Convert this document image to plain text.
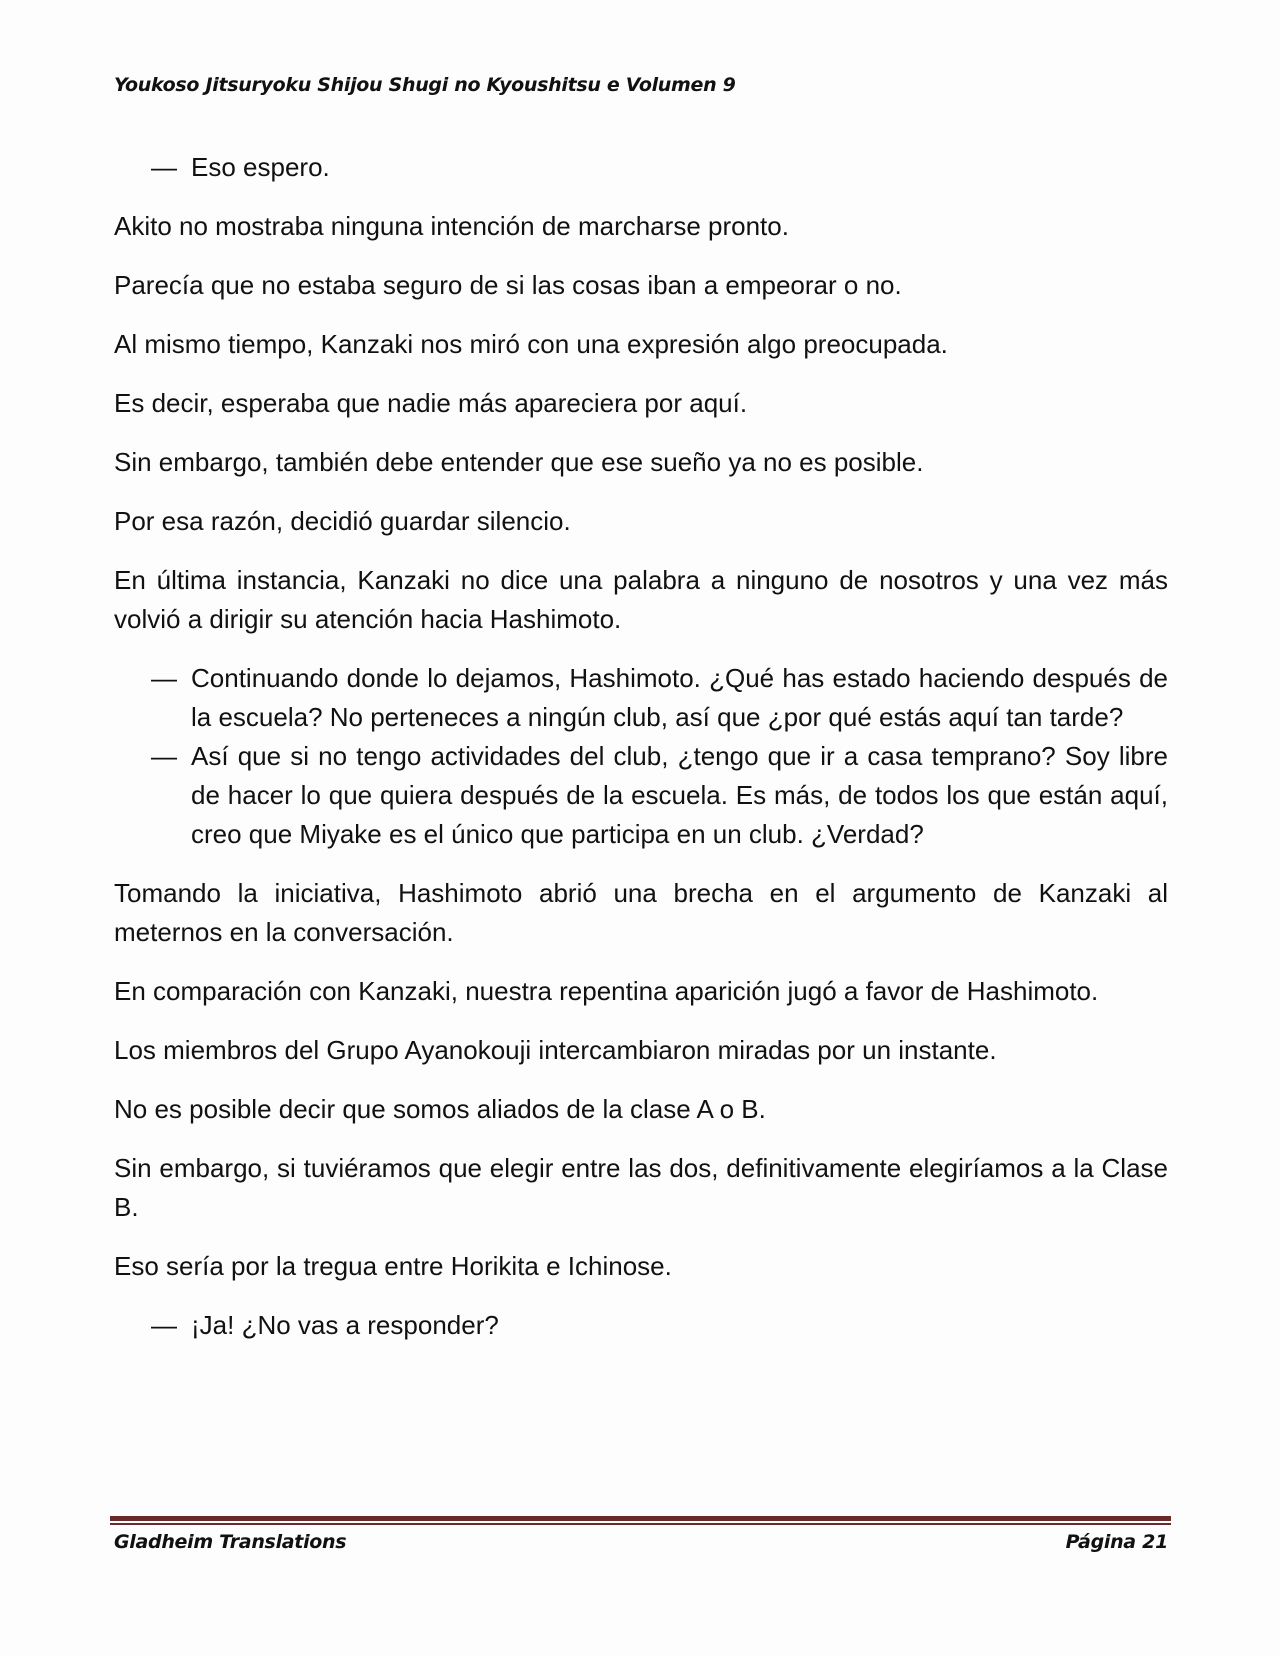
Youkoso Jitsuryoku Shijou Shugi no Kyoushitsu e Volumen 9
— Eso espero.

Akito no mostraba ninguna intención de marcharse pronto.

Parecía que no estaba seguro de si las cosas iban a empeorar o no.

Al mismo tiempo, Kanzaki nos miró con una expresión algo preocupada.

Es decir, esperaba que nadie más apareciera por aquí.

Sin embargo, también debe entender que ese sueño ya no es posible.

Por esa razón, decidió guardar silencio.

En última instancia, Kanzaki no dice una palabra a ninguno de nosotros y una vez más volvió a dirigir su atención hacia Hashimoto.

— Continuando donde lo dejamos, Hashimoto. ¿Qué has estado haciendo después de la escuela? No perteneces a ningún club, así que ¿por qué estás aquí tan tarde?
— Así que si no tengo actividades del club, ¿tengo que ir a casa temprano? Soy libre de hacer lo que quiera después de la escuela. Es más, de todos los que están aquí, creo que Miyake es el único que participa en un club. ¿Verdad?

Tomando la iniciativa, Hashimoto abrió una brecha en el argumento de Kanzaki al meternos en la conversación.

En comparación con Kanzaki, nuestra repentina aparición jugó a favor de Hashimoto.

Los miembros del Grupo Ayanokouji intercambiaron miradas por un instante.

No es posible decir que somos aliados de la clase A o B.

Sin embargo, si tuviéramos que elegir entre las dos, definitivamente elegiríamos a la Clase B.

Eso sería por la tregua entre Horikita e Ichinose.

— ¡Ja! ¿No vas a responder?
Gladheim Translations	Página 21
